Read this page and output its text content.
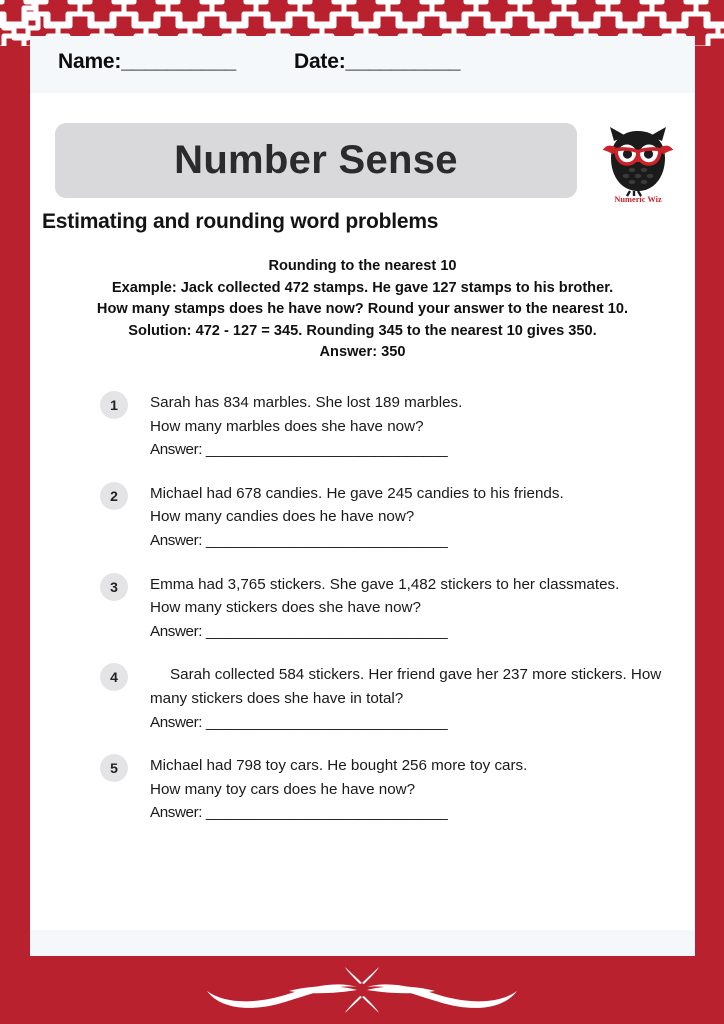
Name:__________	Date:__________
Number Sense
Numeric Wiz
Estimating and rounding word problems
Rounding to the nearest 10
Example: Jack collected 472 stamps. He gave 127 stamps to his brother.
How many stamps does he have now? Round your answer to the nearest 10.
Solution: 472 - 127 = 345. Rounding 345 to the nearest 10 gives 350.
Answer: 350
1	Sarah has 834 marbles. She lost 189 marbles.
How many marbles does she have now?
Answer: ______________________________
2	Michael had 678 candies. He gave 245 candies to his friends.
How many candies does he have now?
Answer: ______________________________
3	Emma had 3,765 stickers. She gave 1,482 stickers to her classmates.
How many stickers does she have now?
Answer: ______________________________
4	Sarah collected 584 stickers. Her friend gave her 237 more stickers. How many stickers does she have in total?
Answer: ______________________________
5	Michael had 798 toy cars. He bought 256 more toy cars.
How many toy cars does he have now?
Answer: ______________________________
